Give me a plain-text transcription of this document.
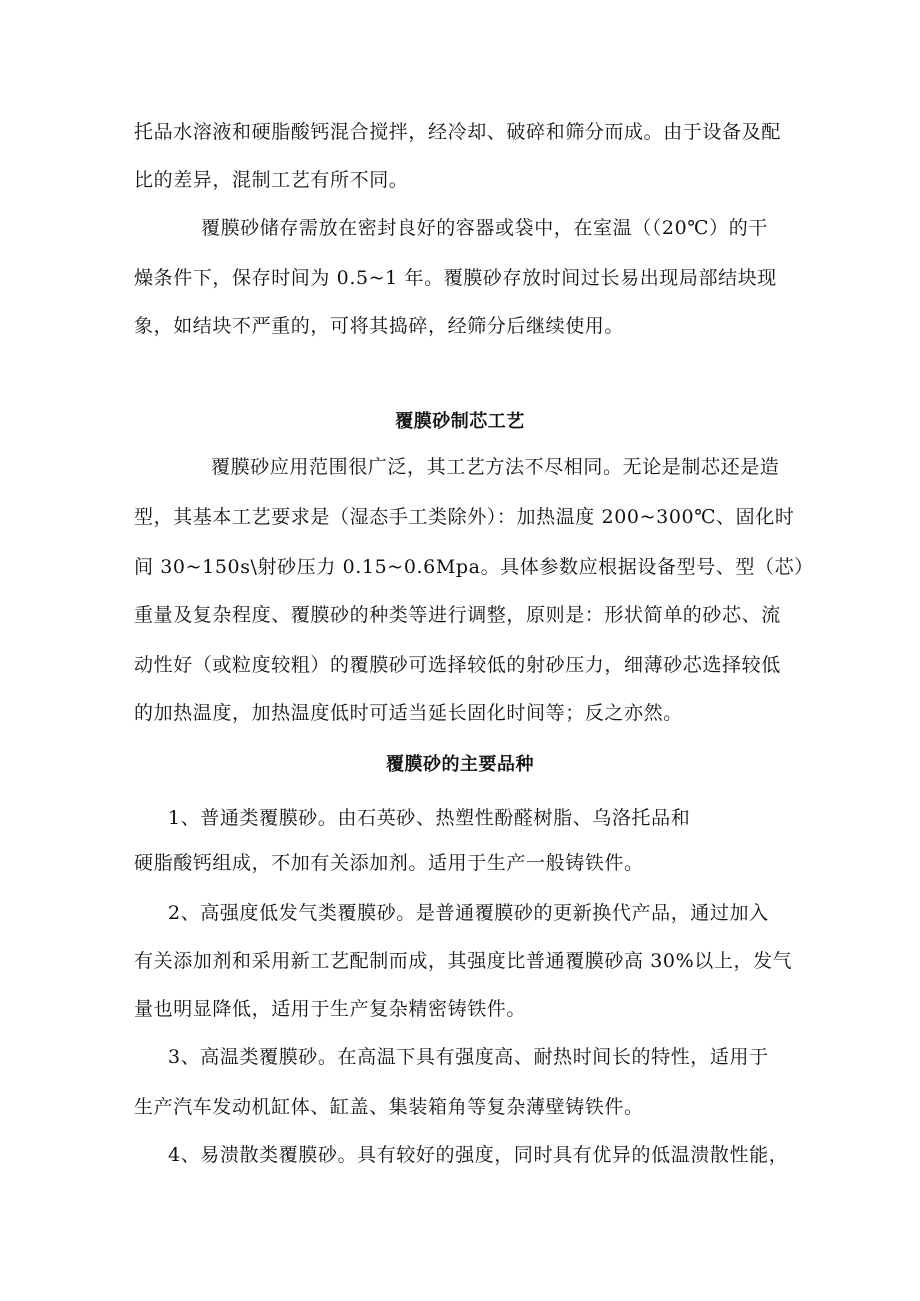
托品水溶液和硬脂酸钙混合搅拌，经冷却、破碎和筛分而成。由于设备及配
比的差异，混制工艺有所不同。
覆膜砂储存需放在密封良好的容器或袋中，在室温（（20℃）的干
燥条件下，保存时间为 0.5~1 年。覆膜砂存放时间过长易出现局部结块现
象，如结块不严重的，可将其捣碎，经筛分后继续使用。
覆膜砂制芯工艺
覆膜砂应用范围很广泛，其工艺方法不尽相同。无论是制芯还是造
型，其基本工艺要求是（湿态手工类除外）：加热温度 200~300℃、固化时
间 30~150s\射砂压力 0.15~0.6Mpa。具体参数应根据设备型号、型（芯）
重量及复杂程度、覆膜砂的种类等进行调整，原则是：形状简单的砂芯、流
动性好（或粒度较粗）的覆膜砂可选择较低的射砂压力，细薄砂芯选择较低
的加热温度，加热温度低时可适当延长固化时间等；反之亦然。
覆膜砂的主要品种
1、普通类覆膜砂。由石英砂、热塑性酚醛树脂、乌洛托品和
硬脂酸钙组成，不加有关添加剂。适用于生产一般铸铁件。
2、高强度低发气类覆膜砂。是普通覆膜砂的更新换代产品，通过加入
有关添加剂和采用新工艺配制而成，其强度比普通覆膜砂高 30%以上，发气
量也明显降低，适用于生产复杂精密铸铁件。
3、高温类覆膜砂。在高温下具有强度高、耐热时间长的特性，适用于
生产汽车发动机缸体、缸盖、集装箱角等复杂薄壁铸铁件。
4、易溃散类覆膜砂。具有较好的强度，同时具有优异的低温溃散性能，
